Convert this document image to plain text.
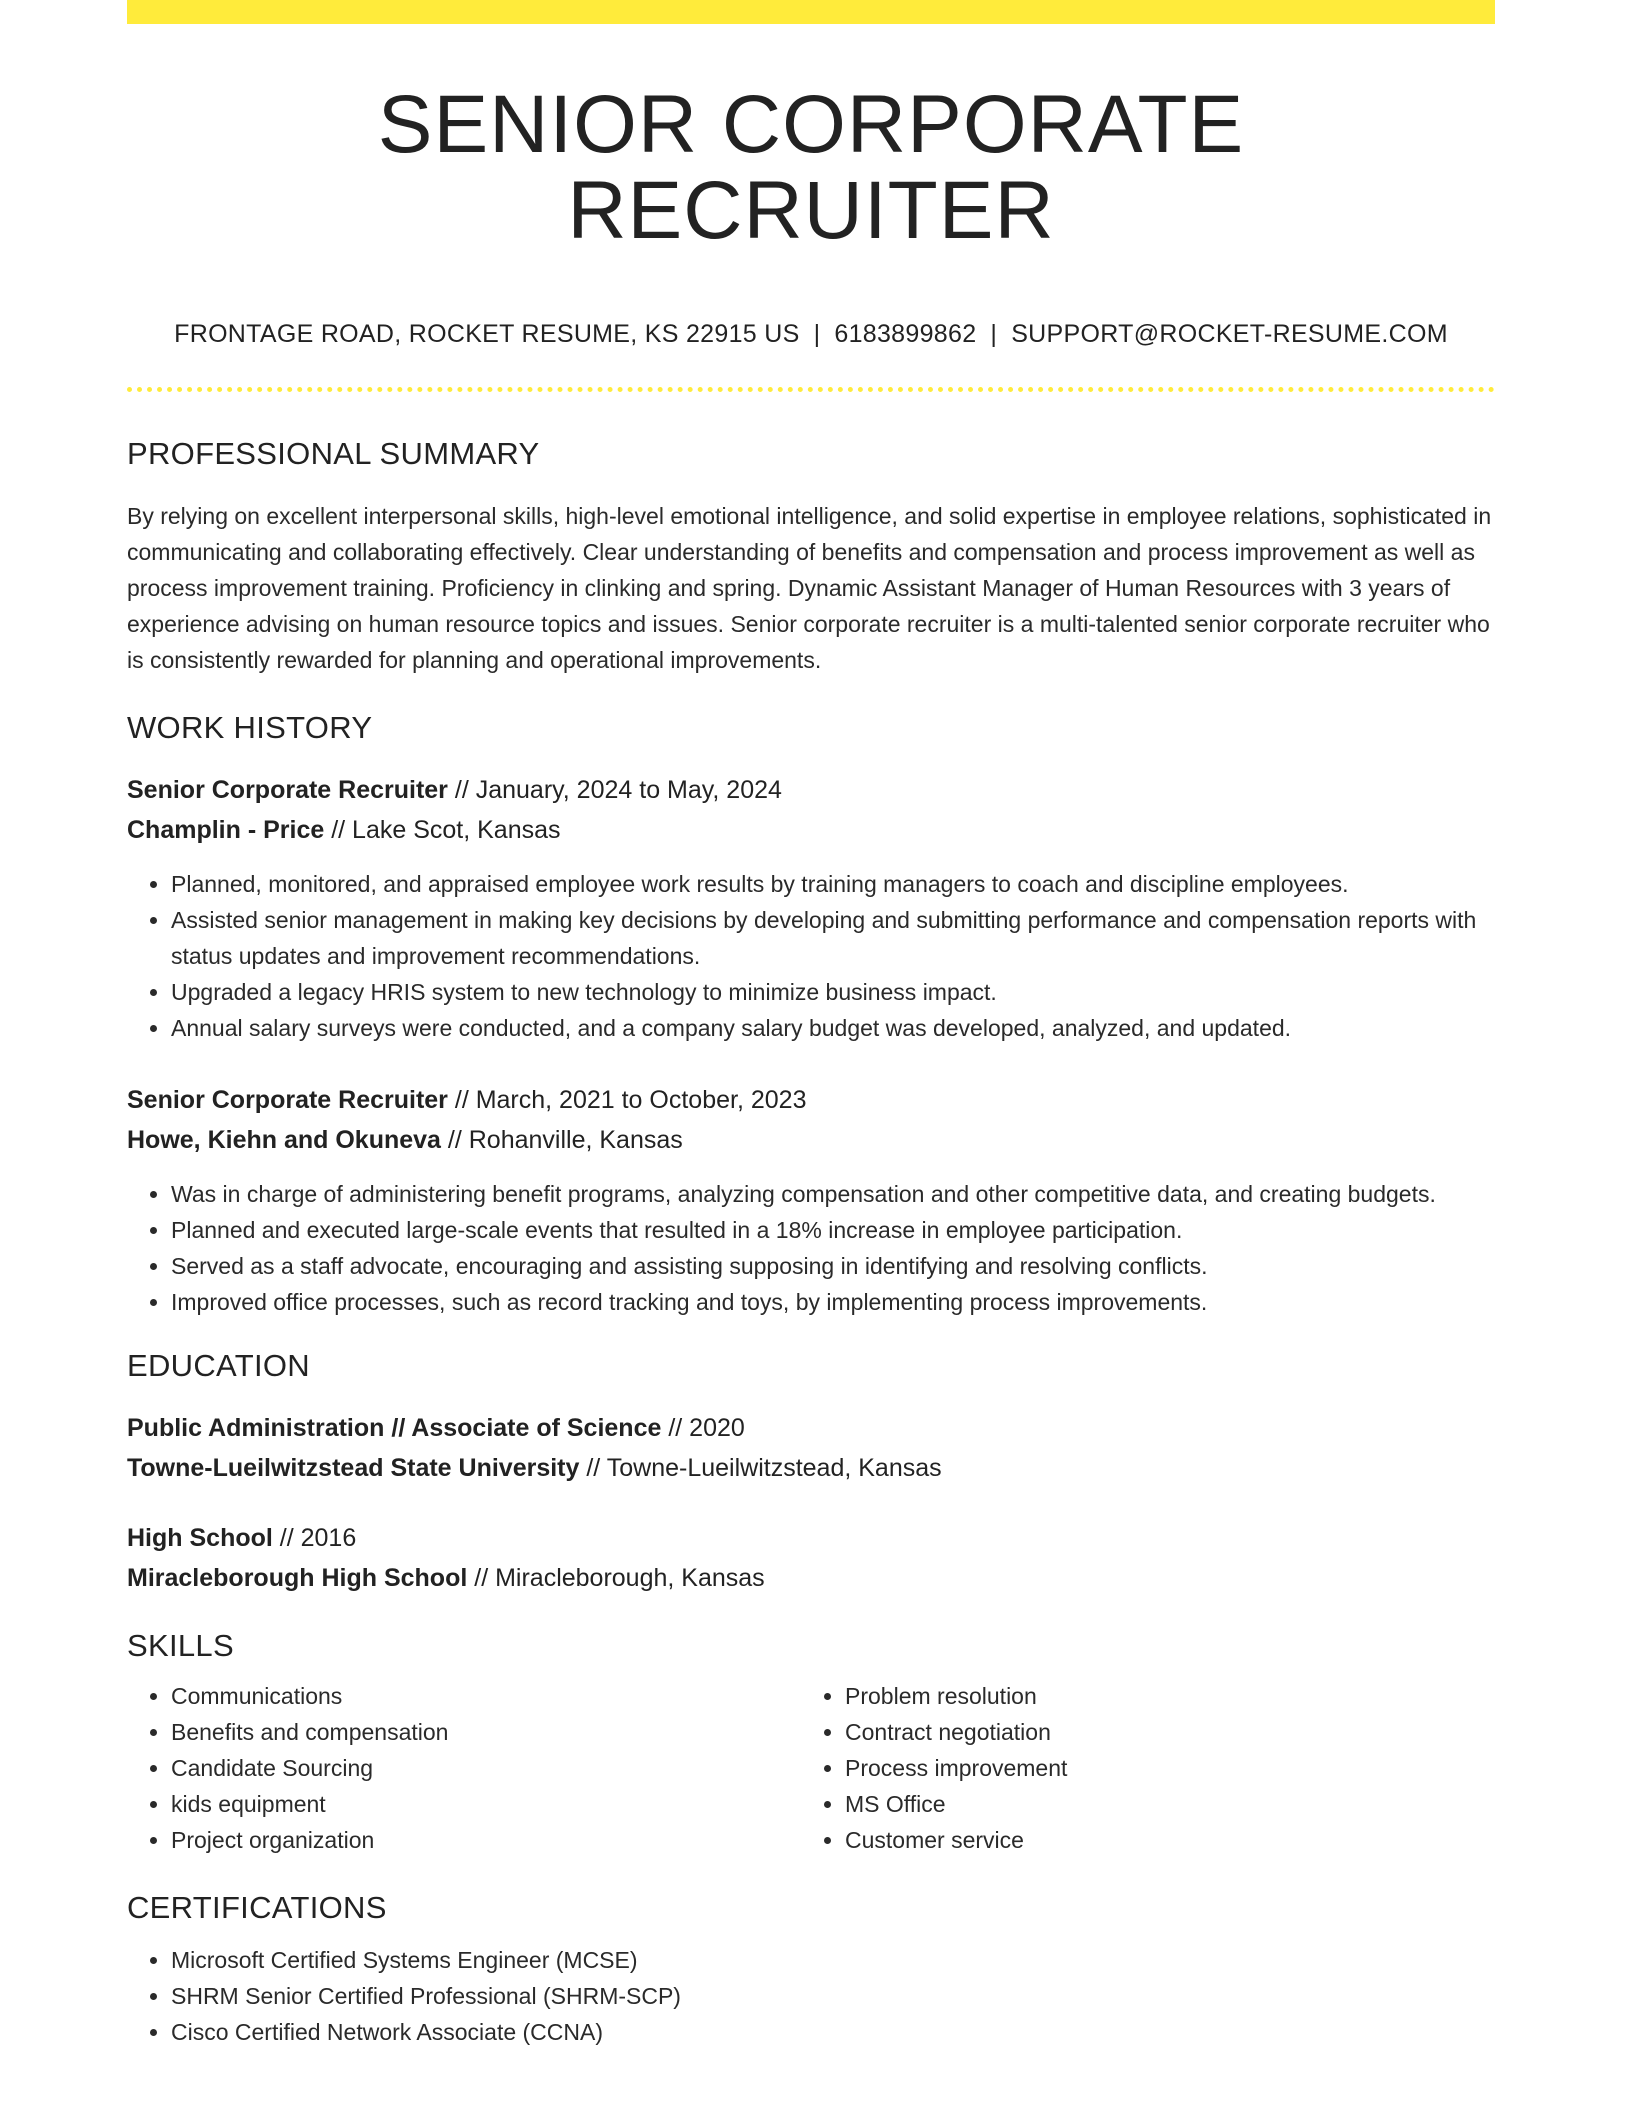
SENIOR CORPORATE RECRUITER
FRONTAGE ROAD, ROCKET RESUME, KS 22915 US | 6183899862 | SUPPORT@ROCKET-RESUME.COM
PROFESSIONAL SUMMARY
By relying on excellent interpersonal skills, high-level emotional intelligence, and solid expertise in employee relations, sophisticated in communicating and collaborating effectively. Clear understanding of benefits and compensation and process improvement as well as process improvement training. Proficiency in clinking and spring. Dynamic Assistant Manager of Human Resources with 3 years of experience advising on human resource topics and issues. Senior corporate recruiter is a multi-talented senior corporate recruiter who is consistently rewarded for planning and operational improvements.
WORK HISTORY
Senior Corporate Recruiter // January, 2024 to May, 2024
Champlin - Price // Lake Scot, Kansas
• Planned, monitored, and appraised employee work results by training managers to coach and discipline employees.
• Assisted senior management in making key decisions by developing and submitting performance and compensation reports with status updates and improvement recommendations.
• Upgraded a legacy HRIS system to new technology to minimize business impact.
• Annual salary surveys were conducted, and a company salary budget was developed, analyzed, and updated.
Senior Corporate Recruiter // March, 2021 to October, 2023
Howe, Kiehn and Okuneva // Rohanville, Kansas
• Was in charge of administering benefit programs, analyzing compensation and other competitive data, and creating budgets.
• Planned and executed large-scale events that resulted in a 18% increase in employee participation.
• Served as a staff advocate, encouraging and assisting supposing in identifying and resolving conflicts.
• Improved office processes, such as record tracking and toys, by implementing process improvements.
EDUCATION
Public Administration // Associate of Science // 2020
Towne-Lueilwitzstead State University // Towne-Lueilwitzstead, Kansas
High School // 2016
Miracleborough High School // Miracleborough, Kansas
SKILLS
• Communications
• Benefits and compensation
• Candidate Sourcing
• kids equipment
• Project organization
• Problem resolution
• Contract negotiation
• Process improvement
• MS Office
• Customer service
CERTIFICATIONS
• Microsoft Certified Systems Engineer (MCSE)
• SHRM Senior Certified Professional (SHRM-SCP)
• Cisco Certified Network Associate (CCNA)
